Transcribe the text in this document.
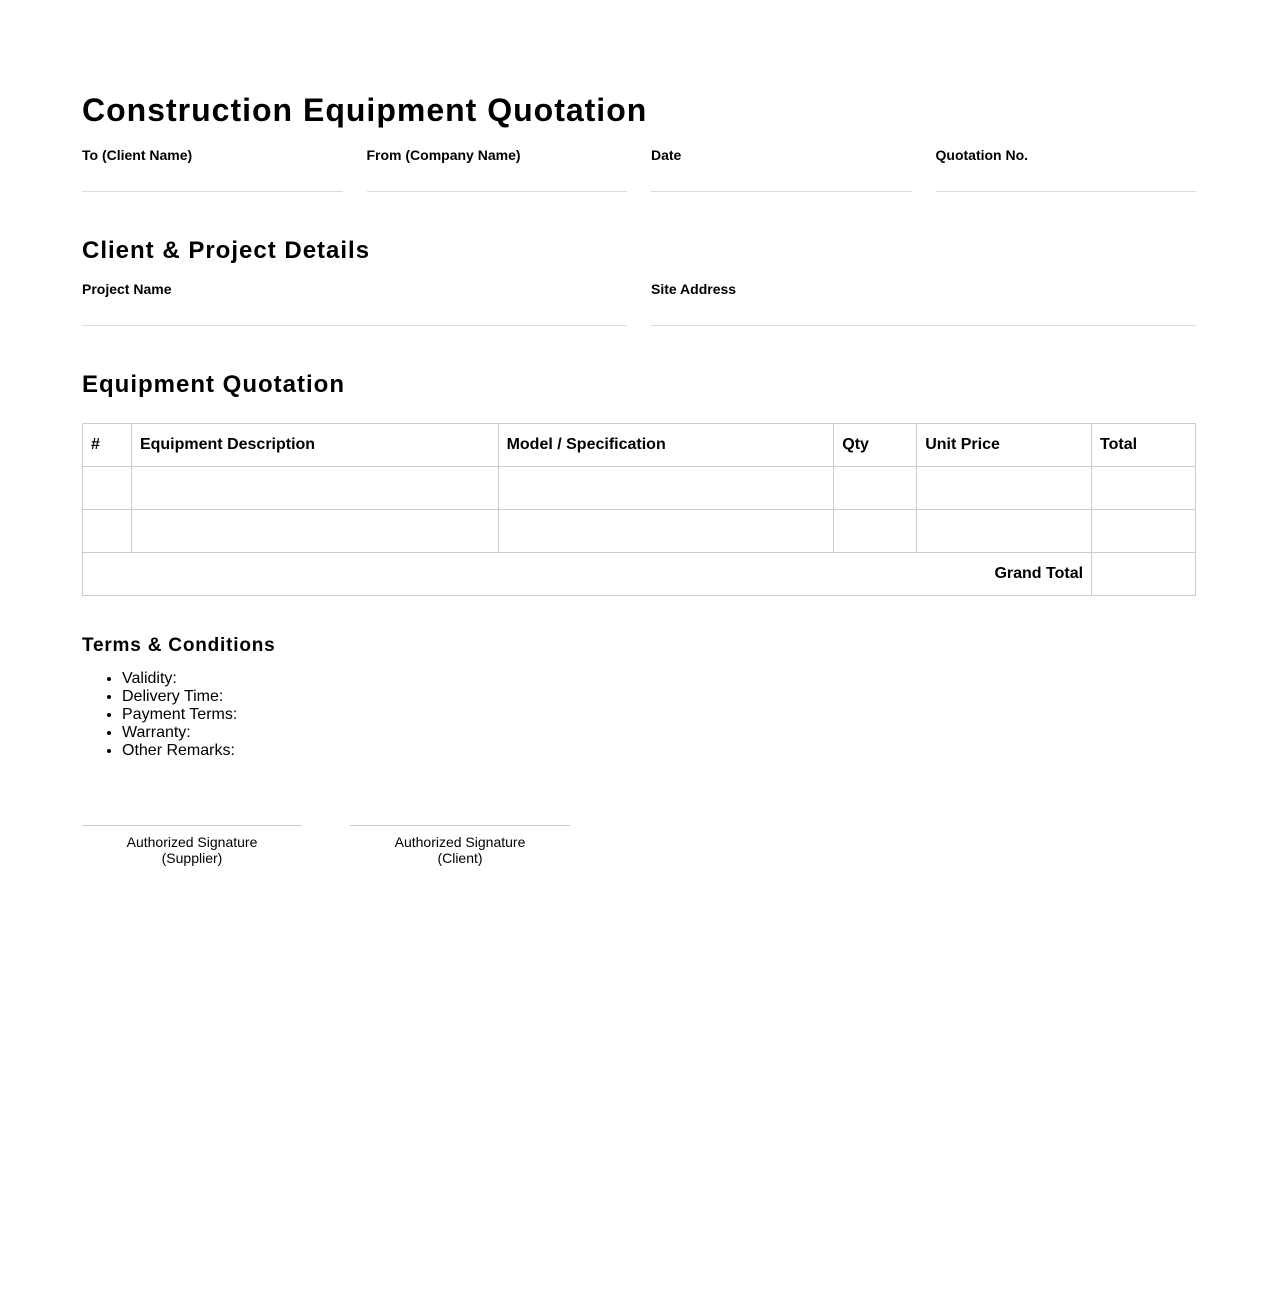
Construction Equipment Quotation
To (Client Name)	From (Company Name)	Date	Quotation No.
Client & Project Details
Project Name	Site Address
Equipment Quotation
#	Equipment Description	Model / Specification	Qty	Unit Price	Total

Grand Total					
Terms & Conditions
• Validity:
• Delivery Time:
• Payment Terms:
• Warranty:
• Other Remarks:
Authorized Signature
(Supplier)
Authorized Signature
(Client)
